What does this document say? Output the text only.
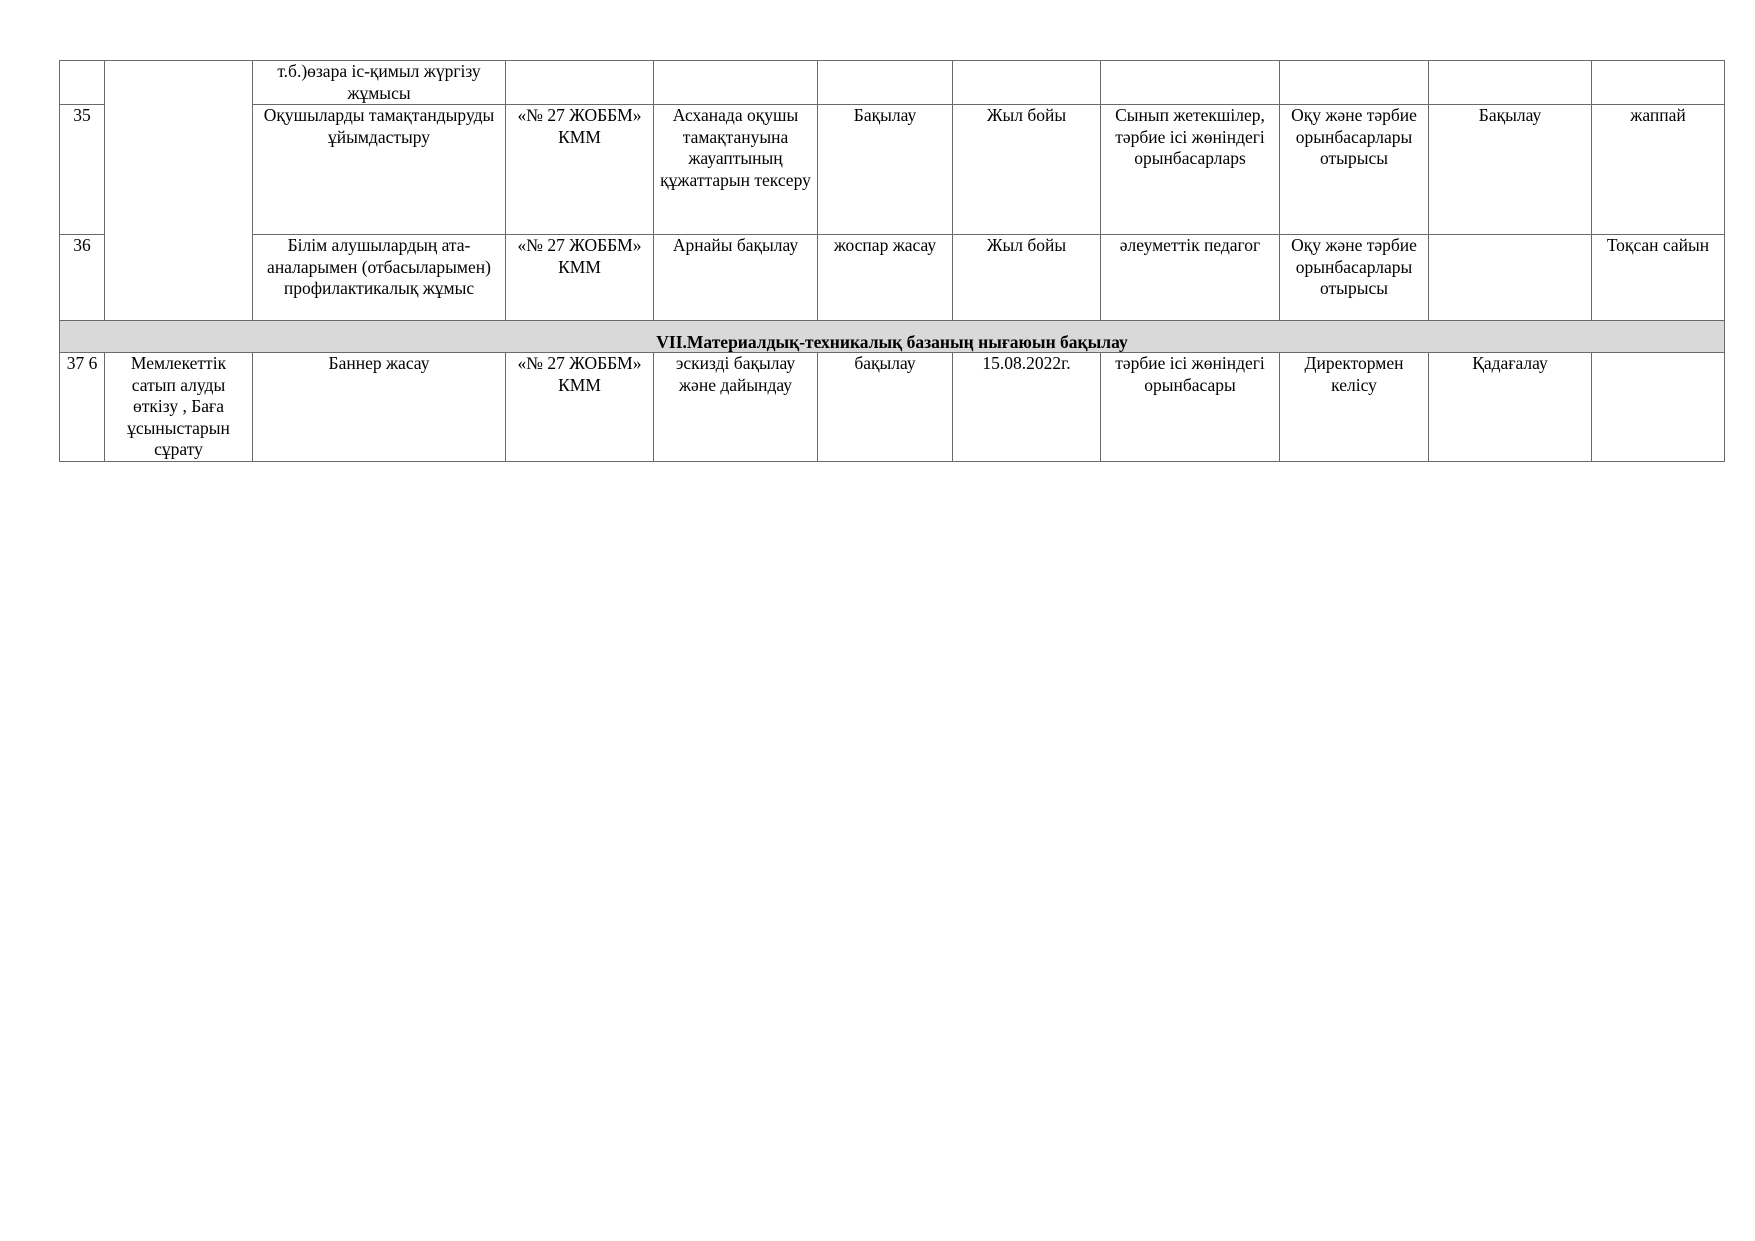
		т.б.)өзара іс-қимыл жүргізу жұмысы								
35		Оқушыларды тамақтандыруды ұйымдастыру	«№ 27 ЖОББМ» КММ	Асханада оқушы тамақтануына жауаптының құжаттарын тексеру	Бақылау	Жыл бойы	Сынып жетекшілер, тәрбие ісі жөніндегі орынбасарларs	Оқу және тәрбие орынбасарлары отырысы	Бақылау	жаппай
36		Білім алушылардың ата-аналарымен (отбасыларымен) профилактикалық жұмыс	«№ 27 ЖОББМ» КММ	Арнайы бақылау	жоспар жасау	Жыл бойы	әлеуметтік педагог	Оқу және тәрбие орынбасарлары отырысы		Тоқсан сайын
VII.Материалдық-техникалық базаның нығаюын бақылау										
37 6	Мемлекеттік сатып алуды өткізу , Баға ұсыныстарын сұрату	Баннер жасау	«№ 27 ЖОББМ» КММ	эскизді бақылау және дайындау	бақылау	15.08.2022г.	тәрбие ісі жөніндегі орынбасары	Директормен келісу	Қадағалау	
